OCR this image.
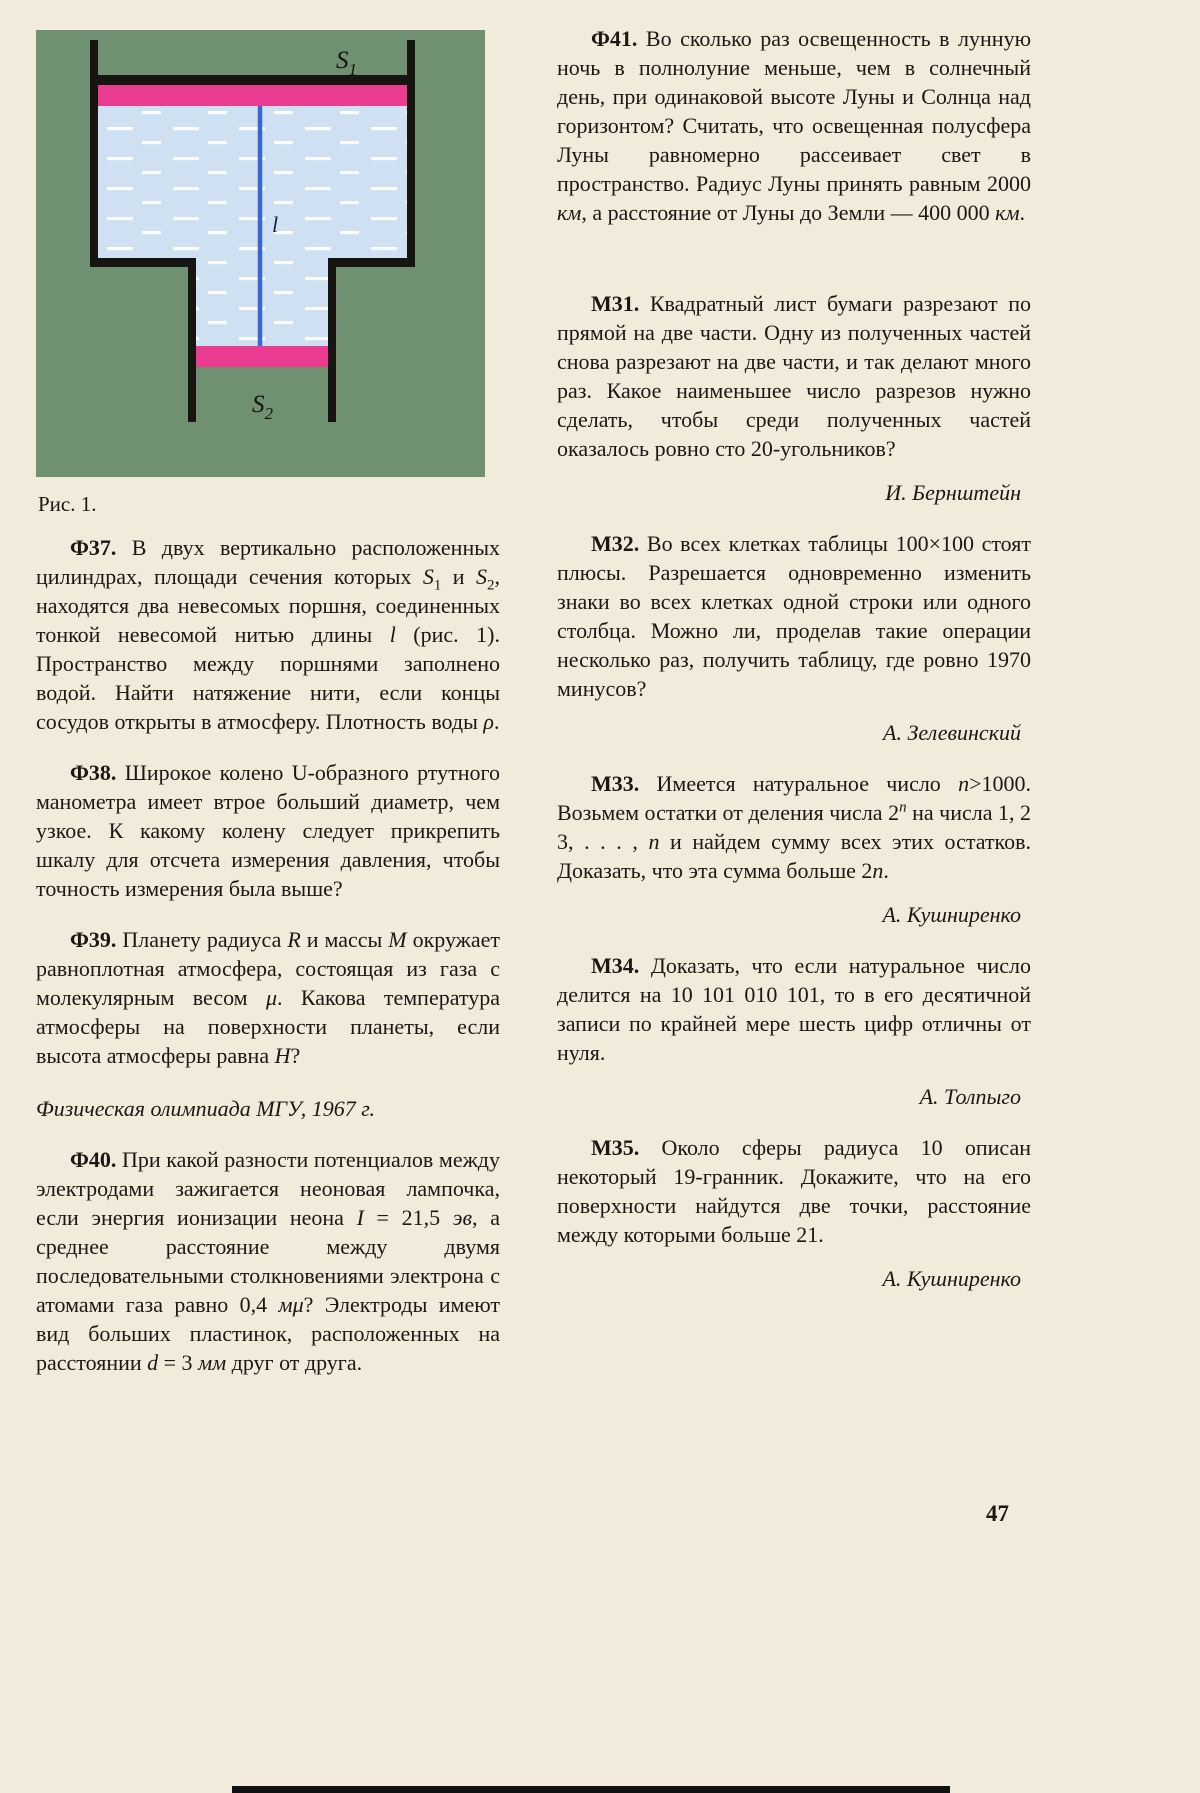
$S_1$
$S_2$
l

Рис. 1.

Ф37. В двух вертикально расположенных цилиндрах, площади сечения которых $S_1$ и $S_2$, находятся два невесомых поршня, соединенных тонкой невесомой нитью длины l (рис. 1). Пространство между поршнями заполнено водой. Найти натяжение нити, если концы сосудов открыты в атмосферу. Плотность воды ρ.

Ф38. Широкое колено U-образного ртутного манометра имеет втрое больший диаметр, чем узкое. К какому колену следует прикрепить шкалу для отсчета измерения давления, чтобы точность измерения была выше?

Ф39. Планету радиуса R и массы M окружает равноплотная атмосфера, состоящая из газа с молекулярным весом μ. Какова температура атмосферы на поверхности планеты, если высота атмосферы равна H?

Физическая олимпиада МГУ, 1967 г.

Ф40. При какой разности потенциалов между электродами зажигается неоновая лампочка, если энергия ионизации неона I = 21,5 эв, а среднее расстояние между двумя последовательными столкновениями электрона с атомами газа равно 0,4 мμ? Электроды имеют вид больших пластинок, расположенных на расстоянии d = 3 мм друг от друга.

Ф41. Во сколько раз освещенность в лунную ночь в полнолуние меньше, чем в солнечный день, при одинаковой высоте Луны и Солнца над горизонтом? Считать, что освещенная полусфера Луны равномерно рассеивает свет в пространство. Радиус Луны принять равным 2000 км, а расстояние от Луны до Земли — 400 000 км.

М31. Квадратный лист бумаги разрезают по прямой на две части. Одну из полученных частей снова разрезают на две части, и так делают много раз. Какое наименьшее число разрезов нужно сделать, чтобы среди полученных частей оказалось ровно сто 20-угольников?

И. Бернштейн

М32. Во всех клетках таблицы 100×100 стоят плюсы. Разрешается одновременно изменить знаки во всех клетках одной строки или одного столбца. Можно ли, проделав такие операции несколько раз, получить таблицу, где ровно 1970 минусов?

А. Зелевинский

М33. Имеется натуральное число n>1000. Возьмем остатки от деления числа 2$^n$ на числа 1, 2 3, . . . , n и найдем сумму всех этих остатков. Доказать, что эта сумма больше 2n.

А. Кушниренко

М34. Доказать, что если натуральное число делится на 10 101 010 101, то в его десятичной записи по крайней мере шесть цифр отличны от нуля.

А. Толпыго

М35. Около сферы радиуса 10 описан некоторый 19-гранник. Докажите, что на его поверхности найдутся две точки, расстояние между которыми больше 21.

А. Кушниренко

47
